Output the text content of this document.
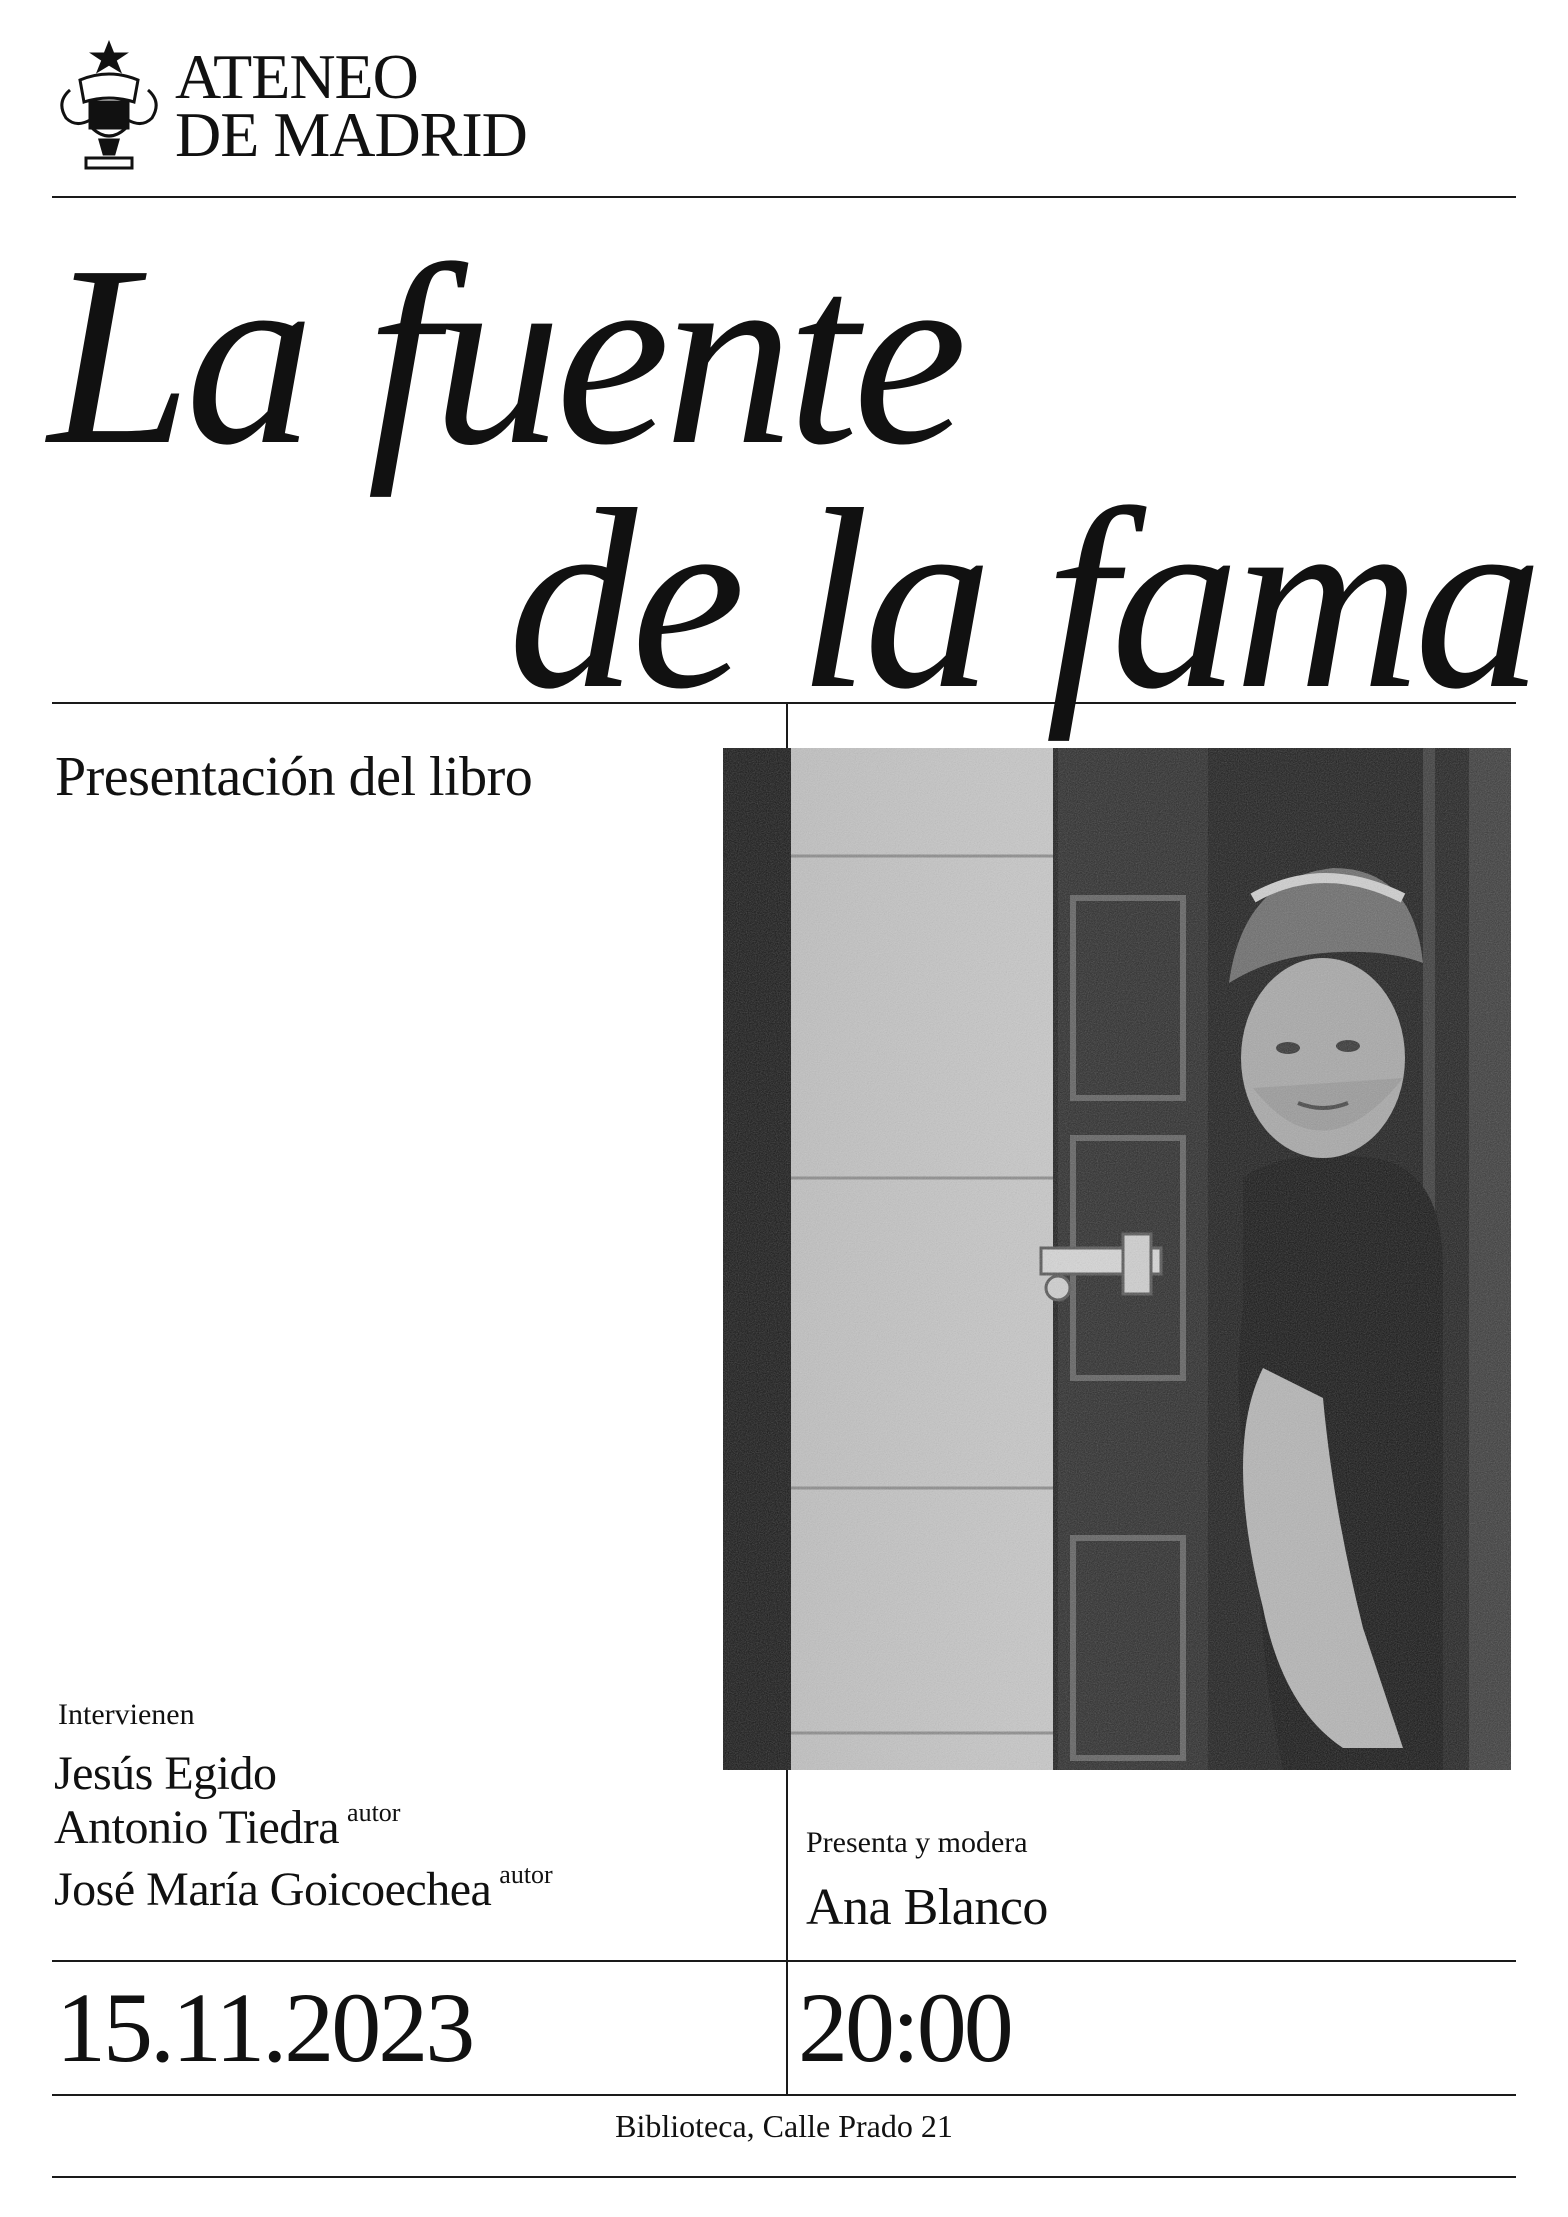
ATENEO
DE MADRID
La fuente
de la fama
Presentación del libro
Intervienen
Jesús Egido
Antonio Tiedra $^{autor}$
José María Goicoechea $^{autor}$
Presenta y modera
Ana Blanco
15.11.2023	20:00
Biblioteca, Calle Prado 21
